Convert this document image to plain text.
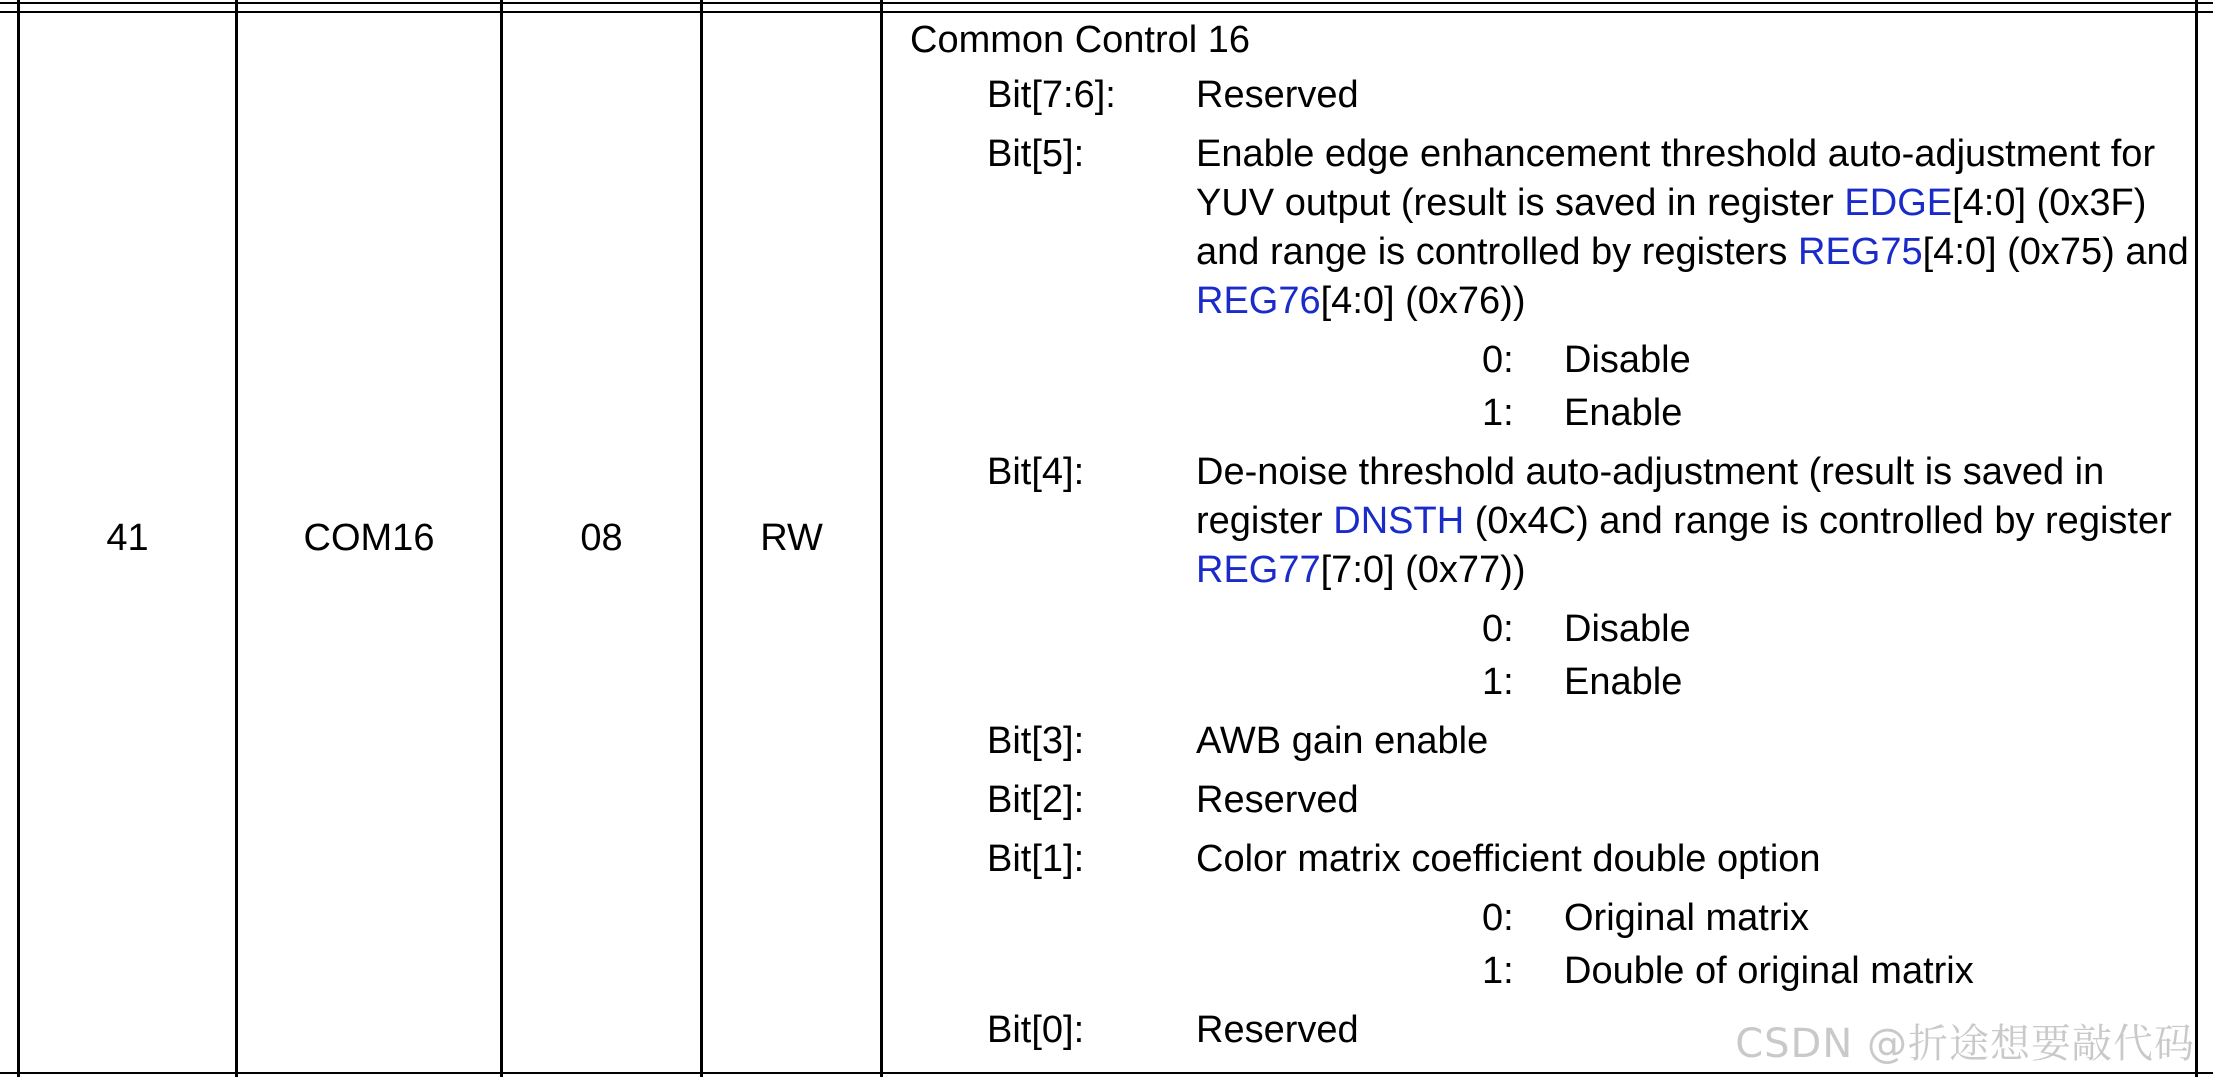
41	COM16	08	RW
Common Control 16
Bit[7:6]: Reserved
Bit[5]:	Enable edge enhancement threshold auto-adjustment for YUV output (result is saved in register EDGE[4:0] (0x3F) and range is controlled by registers REG75[4:0] (0x75) and REG76[4:0] (0x76))
0: Disable
1: Enable
Bit[4]:	De-noise threshold auto-adjustment (result is saved in register DNSTH (0x4C) and range is controlled by register REG77[7:0] (0x77))
0: Disable
1: Enable
Bit[3]:	AWB gain enable
Bit[2]:	Reserved
Bit[1]:	Color matrix coefficient double option
0: Original matrix
1: Double of original matrix
Bit[0]:	Reserved	CSDN @折途想要敲代码
